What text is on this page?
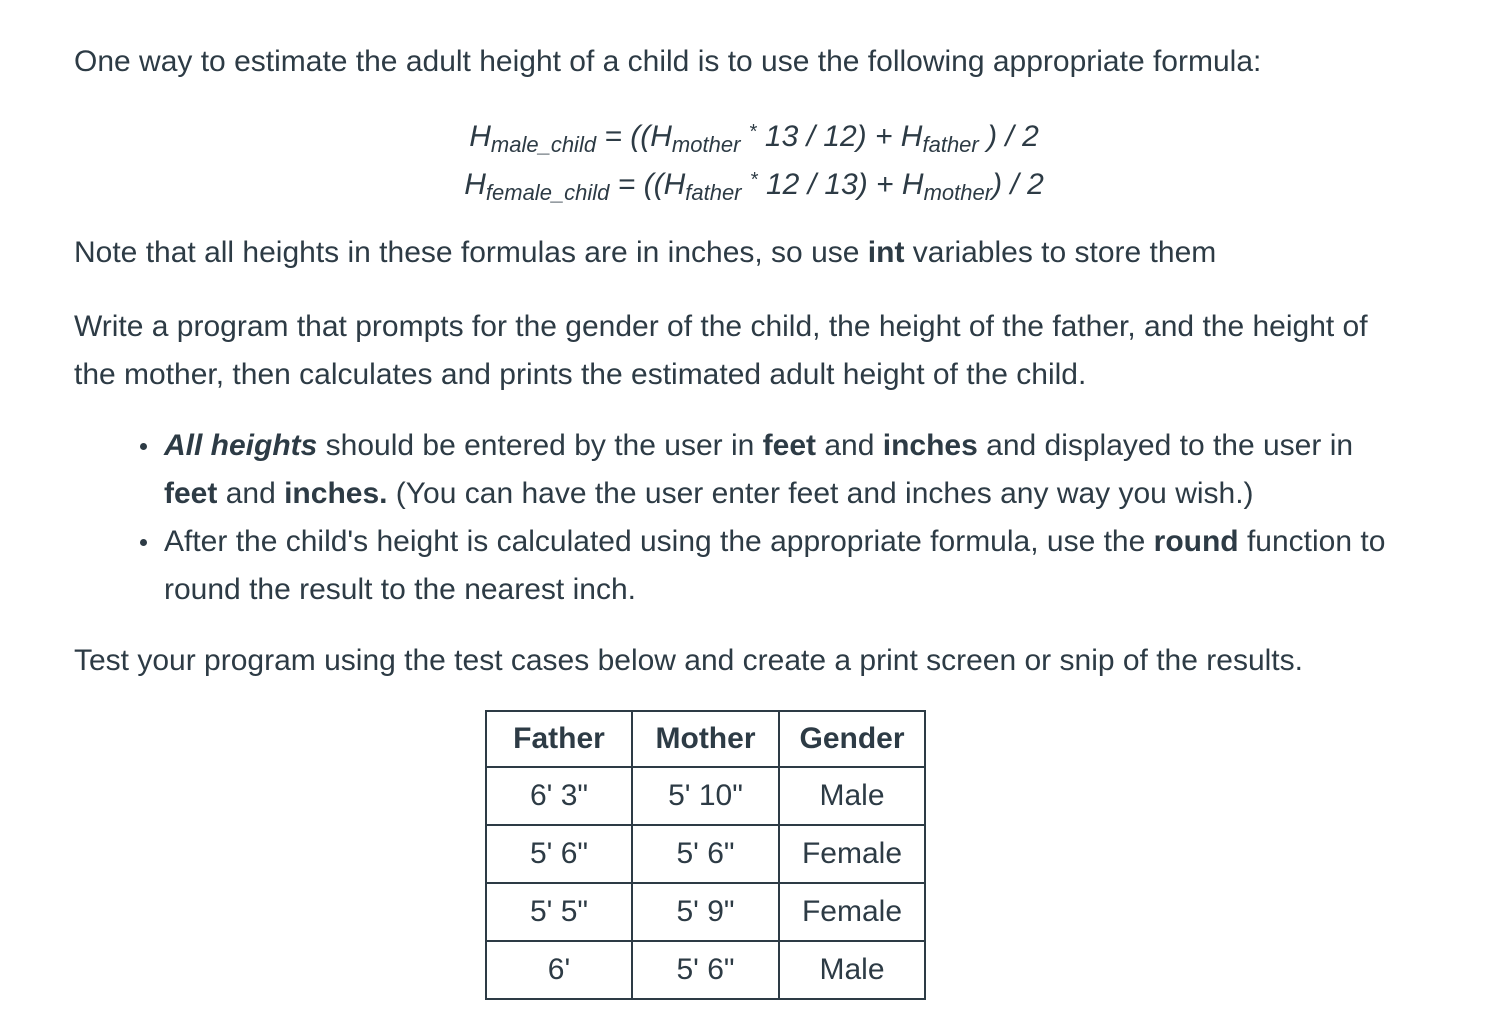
One way to estimate the adult height of a child is to use the following appropriate formula:

$H_{male\_child} = ((H_{mother}$ * $13 / 12) + H_{father}$ ) / 2
$H_{female\_child} = ((H_{father}$ * $12 / 13) + H_{mother}) / 2$

Note that all heights in these formulas are in inches, so use int variables to store them

Write a program that prompts for the gender of the child, the height of the father, and the height of the mother, then calculates and prints the estimated adult height of the child.

All heights should be entered by the user in feet and inches and displayed to the user in feet and inches. (You can have the user enter feet and inches any way you wish.)
After the child's height is calculated using the appropriate formula, use the round function to round the result to the nearest inch.

Test your program using the test cases below and create a print screen or snip of the results.

Father	Mother	Gender
6' 3"	5' 10"	Male
5' 6"	5' 6"	Female
5' 5"	5' 9"	Female
6'	5' 6"	Male
